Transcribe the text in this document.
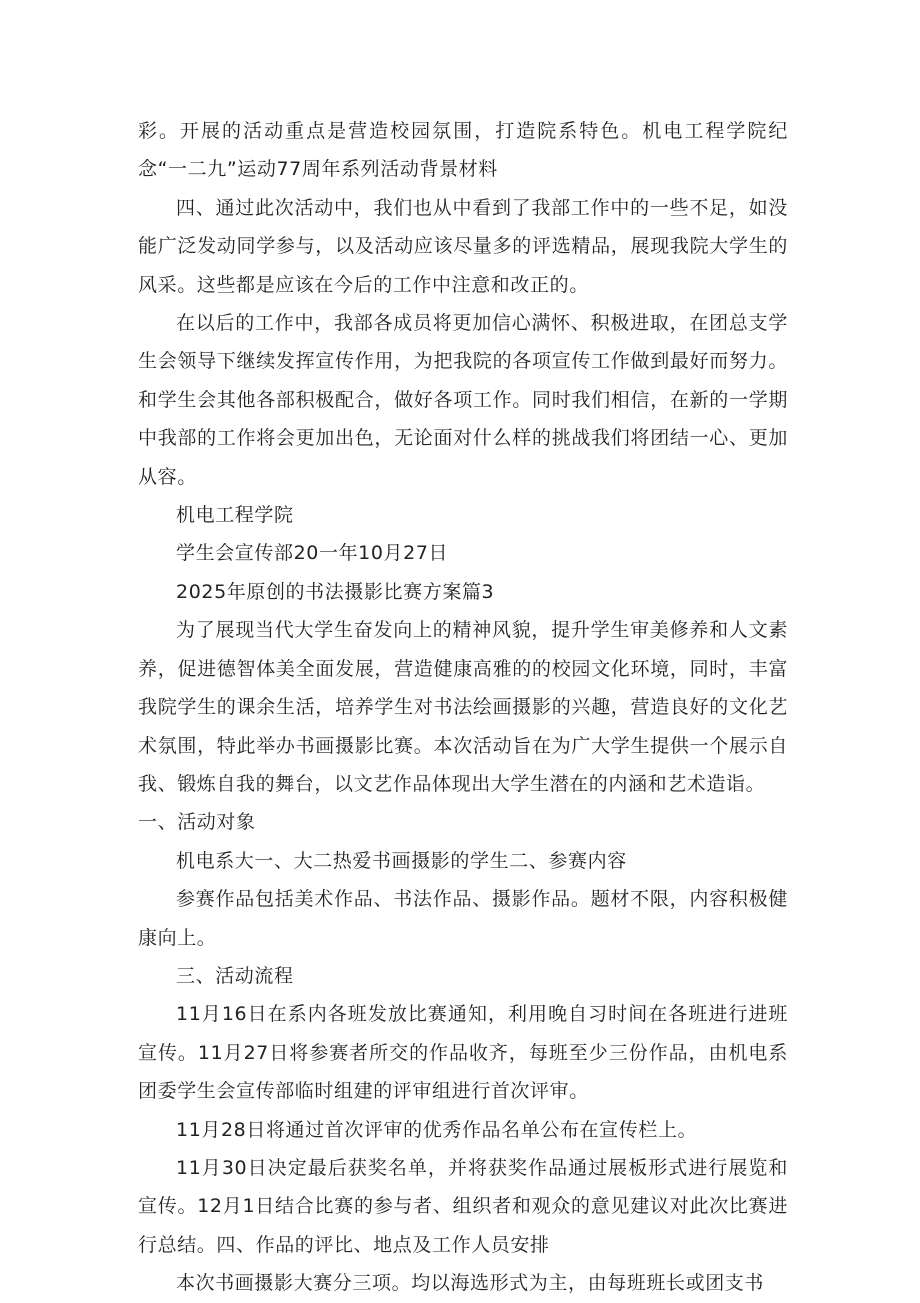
彩。开展的活动重点是营造校园氛围，打造院系特色。机电工程学院纪念“一二九”运动77周年系列活动背景材料

四、通过此次活动中，我们也从中看到了我部工作中的一些不足，如没能广泛发动同学参与，以及活动应该尽量多的评选精品，展现我院大学生的风采。这些都是应该在今后的工作中注意和改正的。

在以后的工作中，我部各成员将更加信心满怀、积极进取，在团总支学生会领导下继续发挥宣传作用，为把我院的各项宣传工作做到最好而努力。和学生会其他各部积极配合，做好各项工作。同时我们相信，在新的一学期中我部的工作将会更加出色，无论面对什么样的挑战我们将团结一心、更加从容。

机电工程学院

学生会宣传部20一年10月27日

2025年原创的书法摄影比赛方案篇3

为了展现当代大学生奋发向上的精神风貌，提升学生审美修养和人文素养，促进德智体美全面发展，营造健康高雅的的校园文化环境，同时，丰富我院学生的课余生活，培养学生对书法绘画摄影的兴趣，营造良好的文化艺术氛围，特此举办书画摄影比赛。本次活动旨在为广大学生提供一个展示自我、锻炼自我的舞台，以文艺作品体现出大学生潜在的内涵和艺术造诣。

一、活动对象

机电系大一、大二热爱书画摄影的学生二、参赛内容

参赛作品包括美术作品、书法作品、摄影作品。题材不限，内容积极健康向上。

三、活动流程

11月16日在系内各班发放比赛通知，利用晚自习时间在各班进行进班宣传。11月27日将参赛者所交的作品收齐，每班至少三份作品，由机电系团委学生会宣传部临时组建的评审组进行首次评审。

11月28日将通过首次评审的优秀作品名单公布在宣传栏上。

11月30日决定最后获奖名单，并将获奖作品通过展板形式进行展览和宣传。12月1日结合比赛的参与者、组织者和观众的意见建议对此次比赛进行总结。四、作品的评比、地点及工作人员安排

本次书画摄影大赛分三项。均以海选形式为主，由每班班长或团支书
